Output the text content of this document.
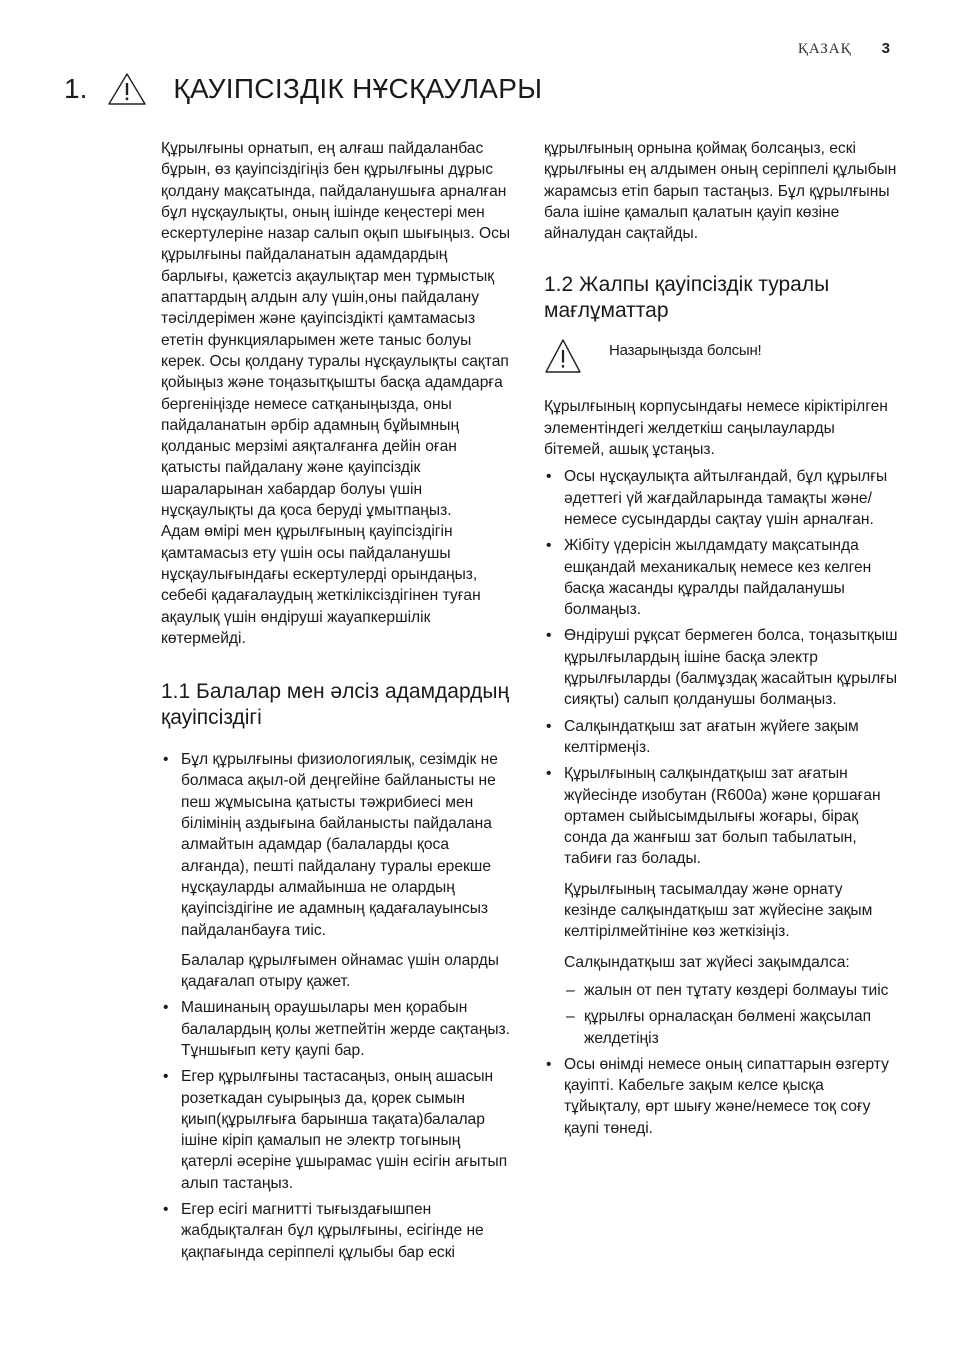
ҚАЗАҚ 3
1.	ҚАУІПСІЗДІК НҰСҚАУЛАРЫ

Құрылғыны орнатып, ең алғаш пайдаланбас бұрын, өз қауіпсіздігіңіз бен құрылғыны дұрыс қолдану мақсатында, пайдаланушыға арналған бұл нұсқаулықты, оның ішінде кеңестері мен ескертулеріне назар салып оқып шығыңыз. Осы құрылғыны пайдаланатын адамдардың барлығы, қажетсіз ақаулықтар мен тұрмыстық апаттардың алдын алу үшін,оны пайдалану тәсілдерімен және қауіпсіздікті қамтамасыз ететін функцияларымен жете таныс болуы керек. Осы қолдану туралы нұсқаулықты сақтап қойыңыз және тоңазытқышты басқа адамдарға бергеніңізде немесе сатқаныңызда, оны пайдаланатын әрбір адамның бұйымның қолданыс мерзімі аяқталғанға дейін оған қатысты пайдалану және қауіпсіздік шараларынан хабардар болуы үшін нұсқаулықты да қоса беруді ұмытпаңыз.

Адам өмірі мен құрылғының қауіпсіздігін қамтамасыз ету үшін осы пайдаланушы нұсқаулығындағы ескертулерді орындаңыз, себебі қадағалаудың жеткіліксіздігінен туған ақаулық үшін өндіруші жауапкершілік көтермейді.

1.1 Балалар мен әлсіз адамдардың қауіпсіздігі
• Бұл құрылғыны физиологиялық, сезімдік не болмаса ақыл-ой деңгейіне байланысты не пеш жұмысына қатысты тәжрибиесі мен білімінің аздығына байланысты пайдалана алмайтын адамдар (балаларды қоса алғанда), пешті пайдалану туралы ерекше нұсқауларды алмайынша не олардың қауіпсіздігіне ие адамның қадағалауынсыз пайдаланбауға тиіс.

Балалар құрылғымен ойнамас үшін оларды қадағалап отыру қажет.

• Машинаның ораушылары мен қорабын балалардың қолы жетпейтін жерде сақтаңыз. Тұншығып кету қаупі бар.
• Егер құрылғыны тастасаңыз, оның ашасын розеткадан суырыңыз да, қорек сымын қиып(құрылғыға барынша тақата)балалар ішіне кіріп қамалып не электр тогының қатерлі әсеріне ұшырамас үшін есігін ағытып алып тастаңыз.
• Егер есігі магнитті тығыздағышпен жабдықталған бұл құрылғыны, есігінде не қақпағында серіппелі құлыбы бар ескі

құрылғының орнына қоймақ болсаңыз, ескі құрылғыны ең алдымен оның серіппелі құлыбын жарамсыз етіп барып тастаңыз. Бұл құрылғыны бала ішіне қамалып қалатын қауіп көзіне айналудан сақтайды.

1.2 Жалпы қауіпсіздік туралы мағлұматтар
Назарыңызда болсын!

Құрылғының корпусындағы немесе кіріктірілген элементіндегі желдеткіш саңылауларды бітемей, ашық ұстаңыз.

• Осы нұсқаулықта айтылғандай, бұл құрылғы әдеттегі үй жағдайларында тамақты және/немесе сусындарды сақтау үшін арналған.
• Жібіту үдерісін жылдамдату мақсатында ешқандай механикалық немесе кез келген басқа жасанды құралды пайдаланушы болмаңыз.
• Өндіруші рұқсат бермеген болса, тоңазытқыш құрылғылардың ішіне басқа электр құрылғыларды (балмұздақ жасайтын құрылғы сияқты) салып қолданушы болмаңыз.
• Салқындатқыш зат ағатын жүйеге зақым келтірмеңіз.
• Құрылғының салқындатқыш зат ағатын жүйесінде изобутан (R600a) және қоршаған ортамен сыйысымдылығы жоғары, бірақ сонда да жанғыш зат болып табылатын, табиғи газ болады.

Құрылғының тасымалдау және орнату кезінде салқындатқыш зат жүйесіне зақым келтірілмейтініне көз жеткізіңіз.

Салқындатқыш зат жүйесі зақымдалса:

– жалын от пен тұтату көздері болмауы тиіс
– құрылғы орналасқан бөлмені жақсылап желдетіңіз
• Осы өнімді немесе оның сипаттарын өзгерту қауіпті. Кабельге зақым келсе қысқа тұйықталу, өрт шығу және/немесе тоқ соғу қаупі төнеді.
